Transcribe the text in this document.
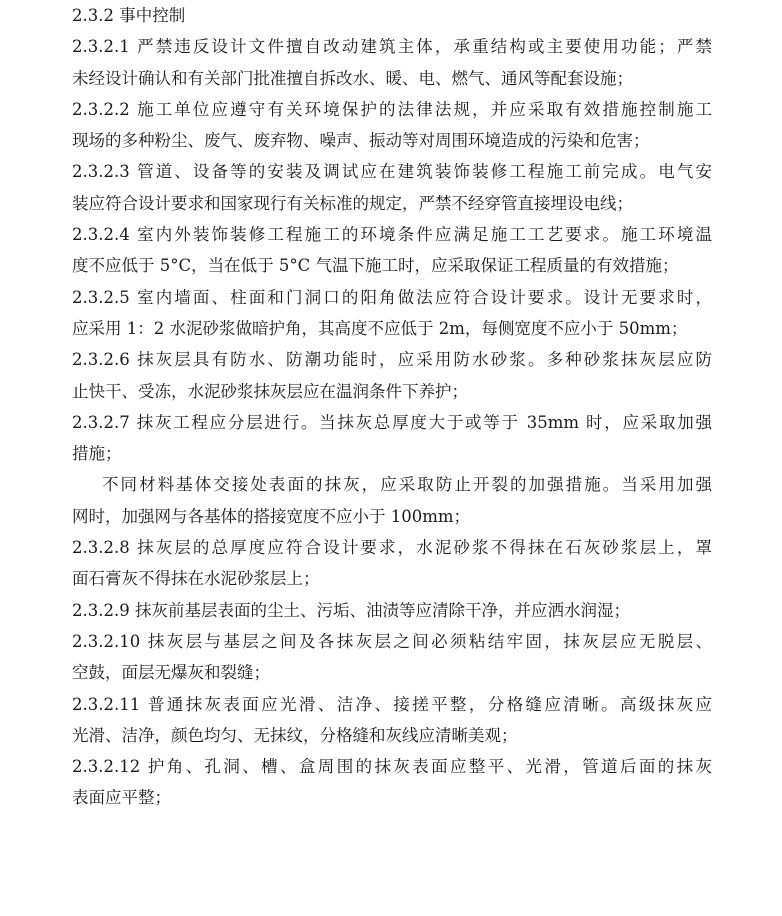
2.3.2 事中控制
2.3.2.1 严禁违反设计文件擅自改动建筑主体，承重结构或主要使用功能；严禁
未经设计确认和有关部门批准擅自拆改水、暖、电、燃气、通风等配套设施；
2.3.2.2 施工单位应遵守有关环境保护的法律法规，并应采取有效措施控制施工
现场的多种粉尘、废气、废弃物、噪声、振动等对周围环境造成的污染和危害；
2.3.2.3 管道、设备等的安装及调试应在建筑装饰装修工程施工前完成。电气安
装应符合设计要求和国家现行有关标准的规定，严禁不经穿管直接埋设电线；
2.3.2.4 室内外装饰装修工程施工的环境条件应满足施工工艺要求。施工环境温
度不应低于 5°C，当在低于 5°C 气温下施工时，应采取保证工程质量的有效措施；
2.3.2.5 室内墙面、柱面和门洞口的阳角做法应符合设计要求。设计无要求时，
应采用 1：2 水泥砂浆做暗护角，其高度不应低于 2m，每侧宽度不应小于 50mm；
2.3.2.6 抹灰层具有防水、防潮功能时，应采用防水砂浆。多种砂浆抹灰层应防
止快干、受冻，水泥砂浆抹灰层应在温润条件下养护；
2.3.2.7 抹灰工程应分层进行。当抹灰总厚度大于或等于 35mm 时，应采取加强
措施；
不同材料基体交接处表面的抹灰，应采取防止开裂的加强措施。当采用加强
网时，加强网与各基体的搭接宽度不应小于 100mm；
2.3.2.8 抹灰层的总厚度应符合设计要求，水泥砂浆不得抹在石灰砂浆层上，罩
面石膏灰不得抹在水泥砂浆层上；
2.3.2.9 抹灰前基层表面的尘土、污垢、油渍等应清除干净，并应洒水润湿；
2.3.2.10 抹灰层与基层之间及各抹灰层之间必须粘结牢固，抹灰层应无脱层、
空鼓，面层无爆灰和裂缝；
2.3.2.11 普通抹灰表面应光滑、洁净、接搓平整，分格缝应清晰。高级抹灰应
光滑、洁净，颜色均匀、无抹纹，分格缝和灰线应清晰美观；
2.3.2.12 护角、孔洞、槽、盒周围的抹灰表面应整平、光滑，管道后面的抹灰
表面应平整；
